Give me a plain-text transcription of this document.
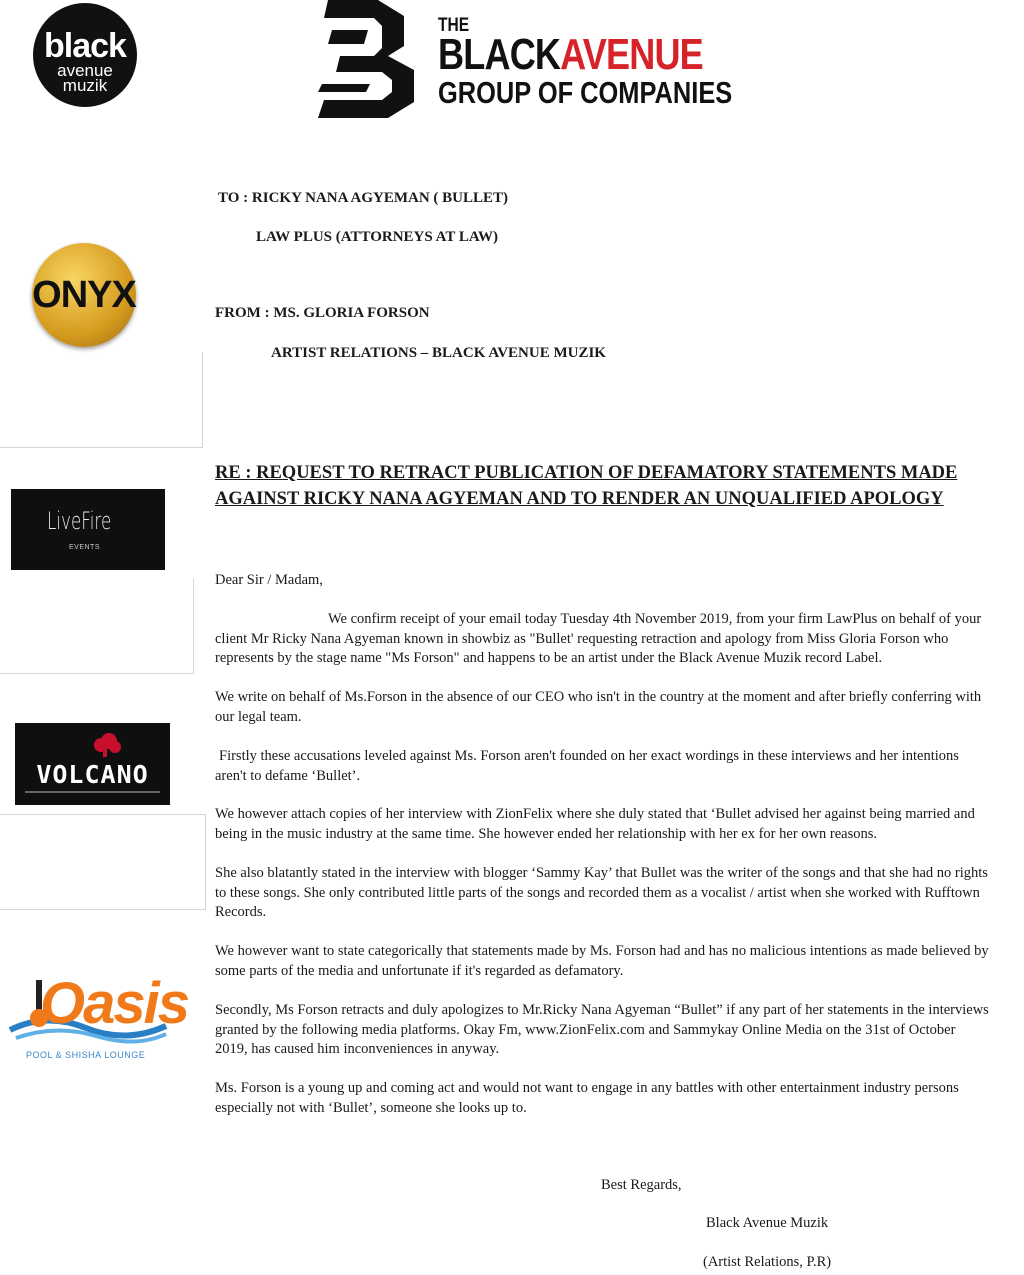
black
avenue
muzik
THE
BLACKAVENUE
GROUP OF COMPANIES
ONYX
LiveFire
EVENTS
VOLCANO
Oasis
POOL & SHISHA LOUNGE
TO : RICKY NANA AGYEMAN ( BULLET)
LAW PLUS (ATTORNEYS AT LAW)
FROM : MS. GLORIA FORSON
ARTIST RELATIONS – BLACK AVENUE MUZIK
RE : REQUEST TO RETRACT PUBLICATION OF DEFAMATORY STATEMENTS MADE
AGAINST RICKY NANA AGYEMAN AND TO RENDER AN UNQUALIFIED APOLOGY
Dear Sir / Madam,
We confirm receipt of your email today Tuesday 4th November 2019, from your firm LawPlus on behalf of your client Mr Ricky Nana Agyeman known in showbiz as "Bullet' requesting retraction and apology from Miss Gloria Forson who represents by the stage name "Ms Forson" and happens to be an artist under the Black Avenue Muzik record Label.
We write on behalf of Ms.Forson in the absence of our CEO who isn't in the country at the moment and after briefly conferring with our legal team.
Firstly these accusations leveled against Ms. Forson aren't founded on her exact wordings in these interviews and her intentions aren't to defame ‘Bullet’.
We however attach copies of her interview with ZionFelix where she duly stated that ‘Bullet advised her against being married and being in the music industry at the same time. She however ended her relationship with her ex for her own reasons.
She also blatantly stated in the interview with blogger ‘Sammy Kay’ that Bullet was the writer of the songs and that she had no rights to these songs. She only contributed little parts of the songs and recorded them as a vocalist / artist when she worked with Rufftown Records.
We however want to state categorically that statements made by Ms. Forson had and has no malicious intentions as made believed by some parts of the media and unfortunate if it's regarded as defamatory.
Secondly, Ms Forson retracts and duly apologizes to Mr.Ricky Nana Agyeman “Bullet” if any part of her statements in the interviews granted by the following media platforms. Okay Fm, www.ZionFelix.com and Sammykay Online Media on the 31st of October 2019, has caused him inconveniences in anyway.
Ms. Forson is a young up and coming act and would not want to engage in any battles with other entertainment industry persons especially not with ‘Bullet’, someone she looks up to.
Best Regards,
Black Avenue Muzik
(Artist Relations, P.R)
